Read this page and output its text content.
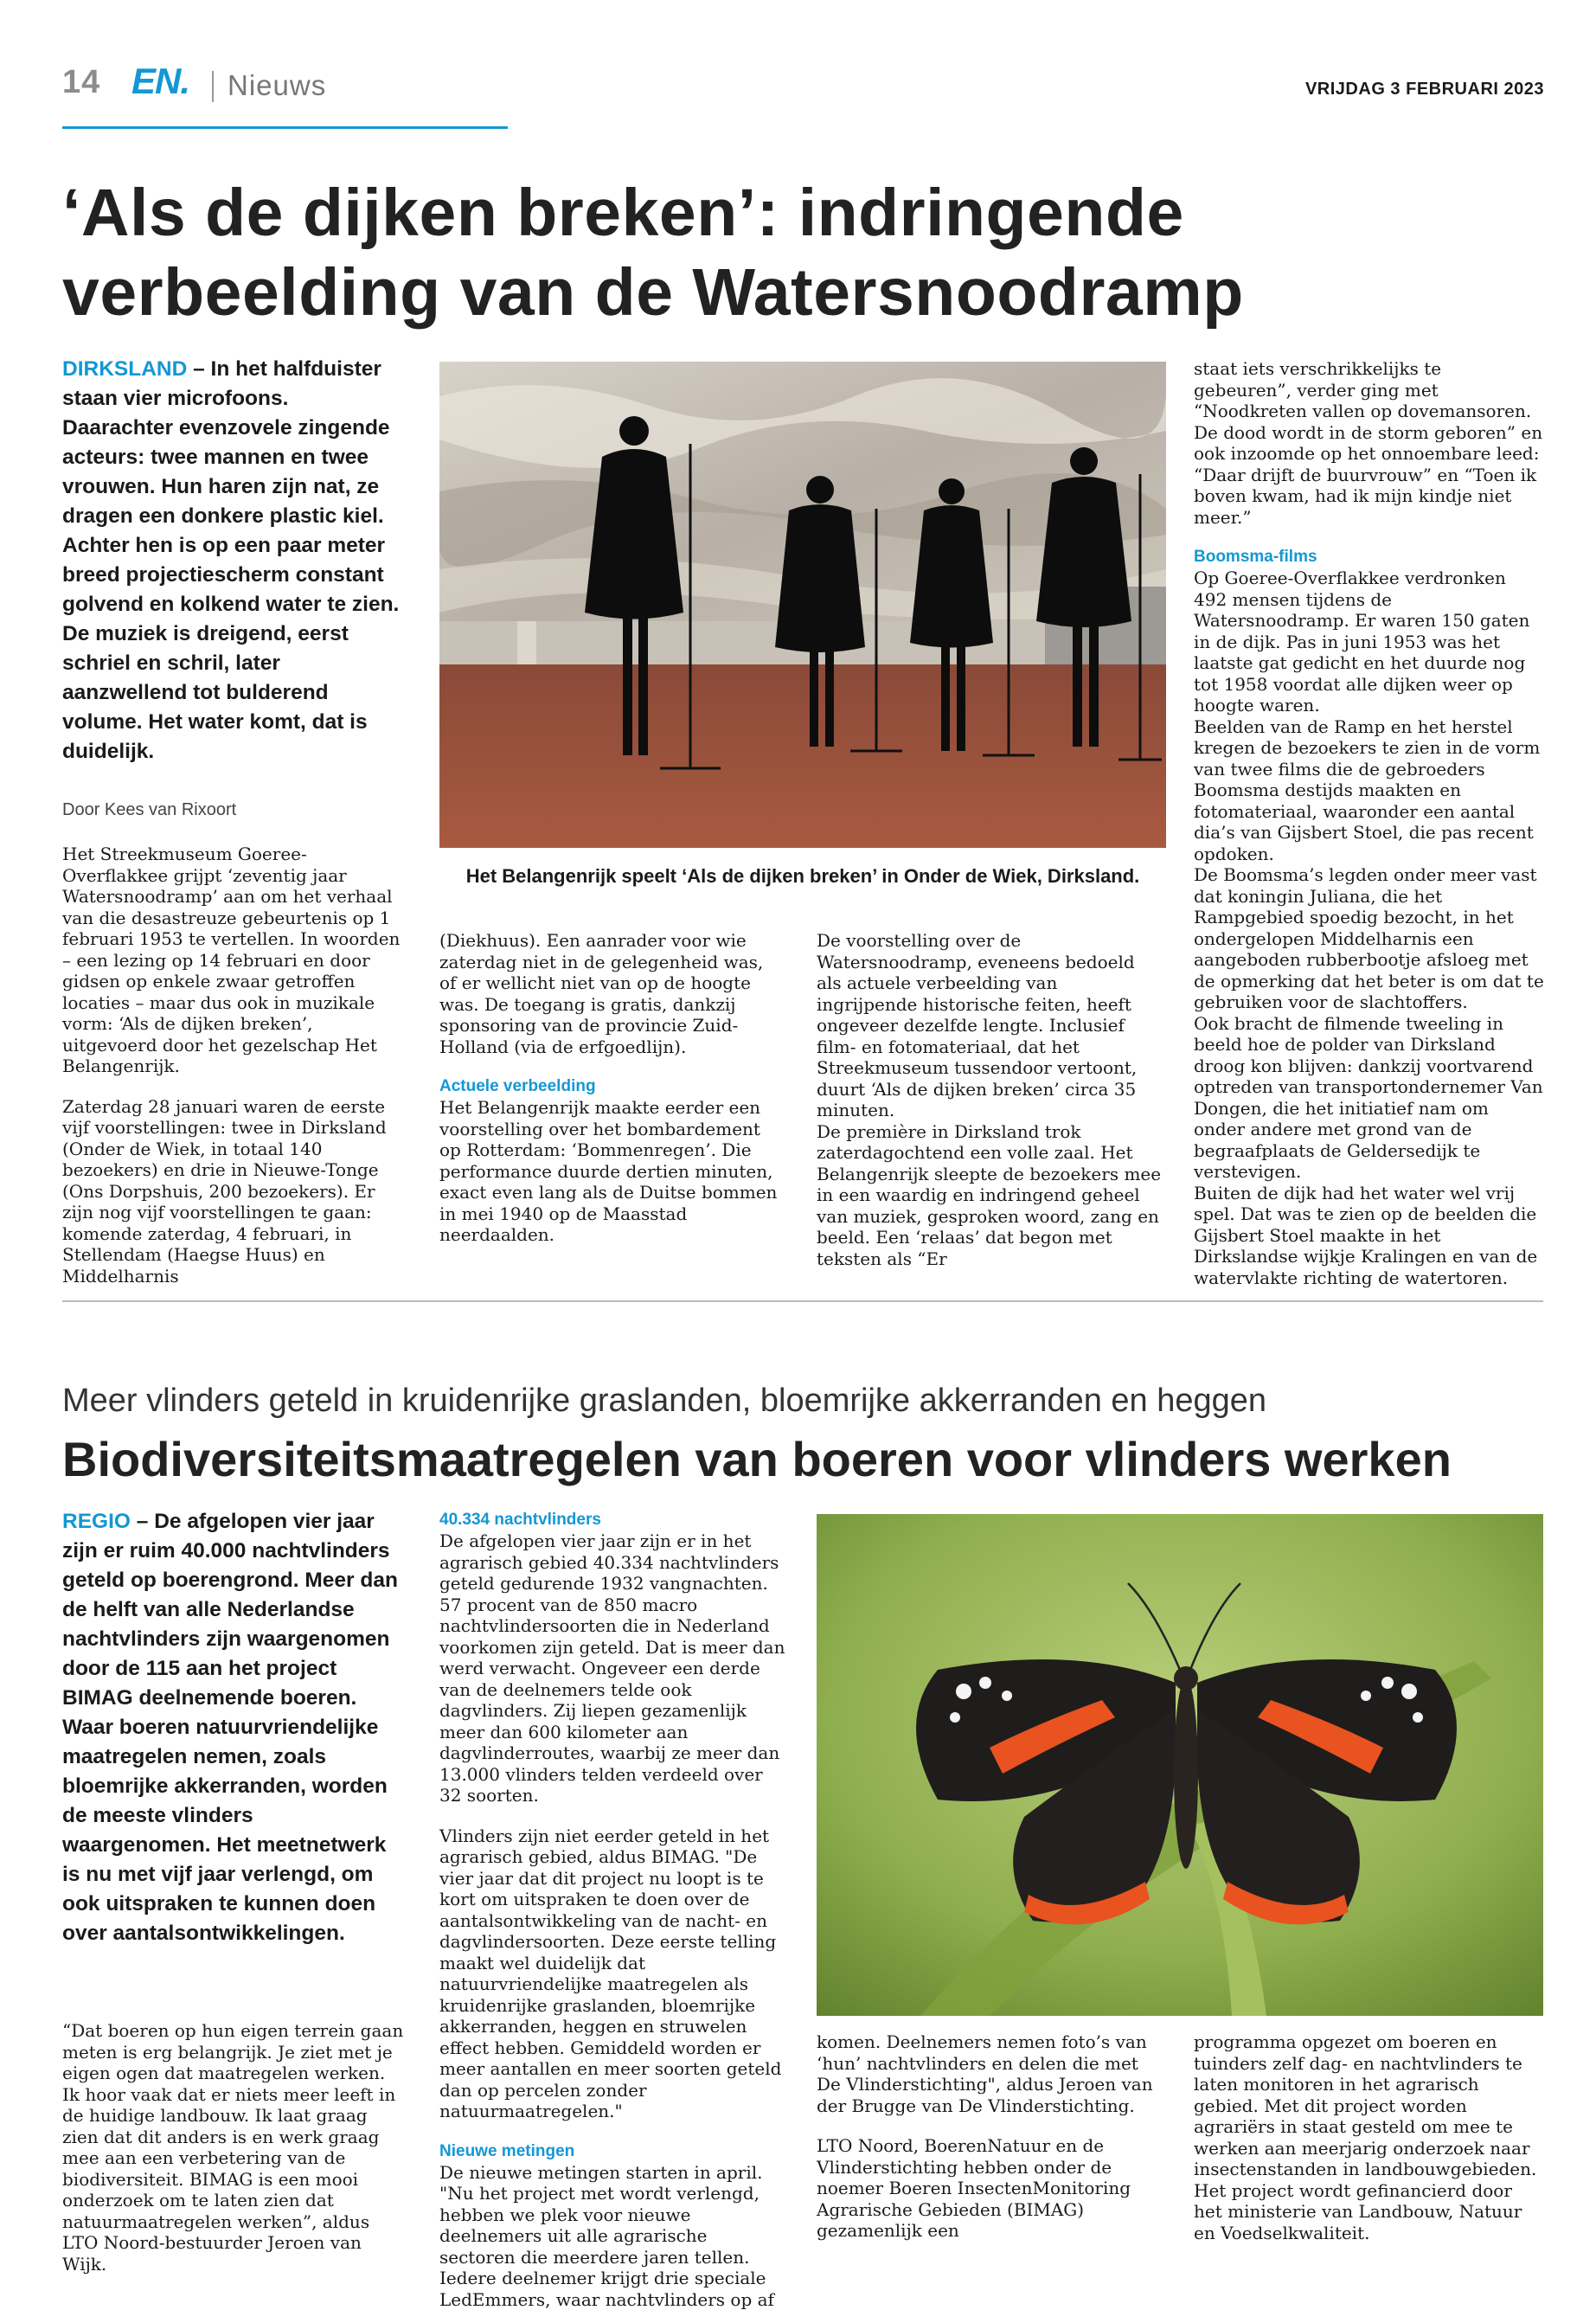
14 EN. Nieuws	VRIJDAG 3 FEBRUARI 2023
‘Als de dijken breken’: indringende verbeelding van de Watersnoodramp
DIRKSLAND – In het halfduister staan vier microfoons. Daarachter evenzovele zingende acteurs: twee mannen en twee vrouwen. Hun haren zijn nat, ze dragen een donkere plastic kiel. Achter hen is op een paar meter breed projectiescherm constant golvend en kolkend water te zien. De muziek is dreigend, eerst schriel en schril, later aanzwellend tot bulderend volume. Het water komt, dat is duidelijk.
Door Kees van Rixoort

Het Streekmuseum Goeree-Overflakkee grijpt ‘zeventig jaar Watersnoodramp’ aan om het verhaal van die desastreuze gebeurtenis op 1 februari 1953 te vertellen. In woorden – een lezing op 14 februari en door gidsen op enkele zwaar getroffen locaties – maar dus ook in muzikale vorm: ‘Als de dijken breken’, uitgevoerd door het gezelschap Het Belangenrijk.

Zaterdag 28 januari waren de eerste vijf voorstellingen: twee in Dirksland (Onder de Wiek, in totaal 140 bezoekers) en drie in Nieuwe-Tonge (Ons Dorpshuis, 200 bezoekers). Er zijn nog vijf voorstellingen te gaan: komende zaterdag, 4 februari, in Stellendam (Haegse Huus) en Middelharnis

Het Belangenrijk speelt ‘Als de dijken breken’ in Onder de Wiek, Dirksland.

(Diekhuus). Een aanrader voor wie zaterdag niet in de gelegenheid was, of er wellicht niet van op de hoogte was. De toegang is gratis, dankzij sponsoring van de provincie Zuid-Holland (via de erfgoedlijn).

Actuele verbeelding

Het Belangenrijk maakte eerder een voorstelling over het bombardement op Rotterdam: ‘Bommenregen’. Die performance duurde dertien minuten, exact even lang als de Duitse bommen in mei 1940 op de Maasstad neerdaalden.

De voorstelling over de Watersnoodramp, eveneens bedoeld als actuele verbeelding van ingrijpende historische feiten, heeft ongeveer dezelfde lengte. Inclusief film- en fotomateriaal, dat het Streekmuseum tussendoor vertoont, duurt ‘Als de dijken breken’ circa 35 minuten.

De première in Dirksland trok zaterdagochtend een volle zaal. Het Belangenrijk sleepte de bezoekers mee in een waardig en indringend geheel van muziek, gesproken woord, zang en beeld. Een ‘relaas’ dat begon met teksten als “Er

staat iets verschrikkelijks te gebeuren”, verder ging met “Noodkreten vallen op dovemansoren. De dood wordt in de storm geboren” en ook inzoomde op het onnoembare leed: “Daar drijft de buurvrouw” en “Toen ik boven kwam, had ik mijn kindje niet meer.”

Boomsma-films

Op Goeree-Overflakkee verdronken 492 mensen tijdens de Watersnoodramp. Er waren 150 gaten in de dijk. Pas in juni 1953 was het laatste gat gedicht en het duurde nog tot 1958 voordat alle dijken weer op hoogte waren.

Beelden van de Ramp en het herstel kregen de bezoekers te zien in de vorm van twee films die de gebroeders Boomsma destijds maakten en fotomateriaal, waaronder een aantal dia’s van Gijsbert Stoel, die pas recent opdoken.

De Boomsma’s legden onder meer vast dat koningin Juliana, die het Rampgebied spoedig bezocht, in het ondergelopen Middelharnis een aangeboden rubberbootje afsloeg met de opmerking dat het beter is om dat te gebruiken voor de slachtoffers.

Ook bracht de filmende tweeling in beeld hoe de polder van Dirksland droog kon blijven: dankzij voortvarend optreden van transportondernemer Van Dongen, die het initiatief nam om onder andere met grond van de begraafplaats de Geldersedijk te verstevigen.

Buiten de dijk had het water wel vrij spel. Dat was te zien op de beelden die Gijsbert Stoel maakte in het Dirkslandse wijkje Kralingen en van de watervlakte richting de watertoren.

Meer vlinders geteld in kruidenrijke graslanden, bloemrijke akkerranden en heggen
Biodiversiteitsmaatregelen van boeren voor vlinders werken
REGIO – De afgelopen vier jaar zijn er ruim 40.000 nachtvlinders geteld op boerengrond. Meer dan de helft van alle Nederlandse nachtvlinders zijn waargenomen door de 115 aan het project BIMAG deelnemende boeren. Waar boeren natuurvriendelijke maatregelen nemen, zoals bloemrijke akkerranden, worden de meeste vlinders waargenomen. Het meetnetwerk is nu met vijf jaar verlengd, om ook uitspraken te kunnen doen over aantalsontwikkelingen.

“Dat boeren op hun eigen terrein gaan meten is erg belangrijk. Je ziet met je eigen ogen dat maatregelen werken. Ik hoor vaak dat er niets meer leeft in de huidige landbouw. Ik laat graag zien dat dit anders is en werk graag mee aan een verbetering van de biodiversiteit. BIMAG is een mooi onderzoek om te laten zien dat natuurmaatregelen werken”, aldus LTO Noord-bestuurder Jeroen van Wijk.

40.334 nachtvlinders

De afgelopen vier jaar zijn er in het agrarisch gebied 40.334 nachtvlinders geteld gedurende 1932 vangnachten. 57 procent van de 850 macro nachtvlindersoorten die in Nederland voorkomen zijn geteld. Dat is meer dan werd verwacht. Ongeveer een derde van de deelnemers telde ook dagvlinders. Zij liepen gezamenlijk meer dan 600 kilometer aan dagvlinderroutes, waarbij ze meer dan 13.000 vlinders telden verdeeld over 32 soorten.

Vlinders zijn niet eerder geteld in het agrarisch gebied, aldus BIMAG. "De vier jaar dat dit project nu loopt is te kort om uitspraken te doen over de aantalsontwikkeling van de nacht- en dagvlindersoorten. Deze eerste telling maakt wel duidelijk dat natuurvriendelijke maatregelen als kruidenrijke graslanden, bloemrijke akkerranden, heggen en struwelen effect hebben. Gemiddeld worden er meer aantallen en meer soorten geteld dan op percelen zonder natuurmaatregelen."

Nieuwe metingen

De nieuwe metingen starten in april. "Nu het project met wordt verlengd, hebben we plek voor nieuwe deelnemers uit alle agrarische sectoren die meerdere jaren tellen. Iedere deelnemer krijgt drie speciale LedEmmers, waar nachtvlinders op af

komen. Deelnemers nemen foto’s van ‘hun’ nachtvlinders en delen die met De Vlinderstichting", aldus Jeroen van der Brugge van De Vlinderstichting.

LTO Noord, BoerenNatuur en de Vlinderstichting hebben onder de noemer Boeren InsectenMonitoring Agrarische Gebieden (BIMAG) gezamenlijk een

programma opgezet om boeren en tuinders zelf dag- en nachtvlinders te laten monitoren in het agrarisch gebied. Met dit project worden agrariërs in staat gesteld om mee te werken aan meerjarig onderzoek naar insectenstanden in landbouwgebieden. Het project wordt gefinancierd door het ministerie van Landbouw, Natuur en Voedselkwaliteit.
